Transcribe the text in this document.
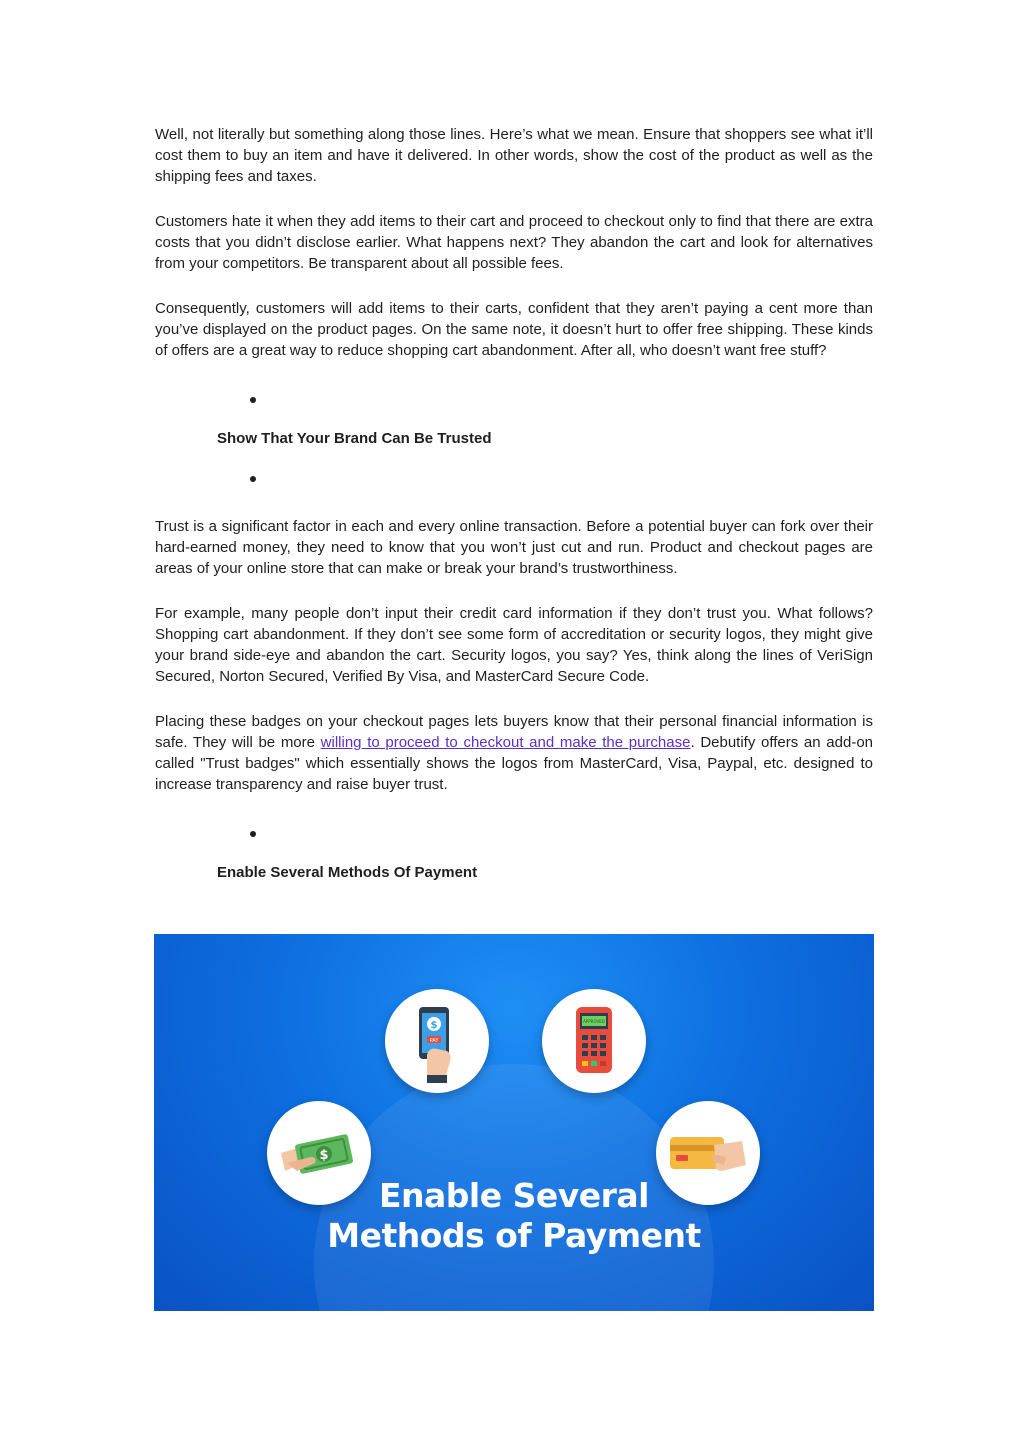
Well, not literally but something along those lines. Here’s what we mean. Ensure that shoppers see what it’ll cost them to buy an item and have it delivered. In other words, show the cost of the product as well as the shipping fees and taxes.

Customers hate it when they add items to their cart and proceed to checkout only to find that there are extra costs that you didn’t disclose earlier. What happens next? They abandon the cart and look for alternatives from your competitors. Be transparent about all possible fees.

Consequently, customers will add items to their carts, confident that they aren’t paying a cent more than you’ve displayed on the product pages. On the same note, it doesn’t hurt to offer free shipping. These kinds of offers are a great way to reduce shopping cart abandonment. After all, who doesn’t want free stuff?

Show That Your Brand Can Be Trusted

Trust is a significant factor in each and every online transaction. Before a potential buyer can fork over their hard-earned money, they need to know that you won’t just cut and run. Product and checkout pages are areas of your online store that can make or break your brand’s trustworthiness.

For example, many people don’t input their credit card information if they don’t trust you. What follows? Shopping cart abandonment. If they don’t see some form of accreditation or security logos, they might give your brand side-eye and abandon the cart. Security logos, you say? Yes, think along the lines of VeriSign Secured, Norton Secured, Verified By Visa, and MasterCard Secure Code.

Placing these badges on your checkout pages lets buyers know that their personal financial information is safe. They will be more willing to proceed to checkout and make the purchase. Debutify offers an add-on called "Trust badges" which essentially shows the logos from MasterCard, Visa, Paypal, etc. designed to increase transparency and raise buyer trust.

Enable Several Methods Of Payment
$
$
PAY
APPROVED
Enable Several
Methods of Payment
